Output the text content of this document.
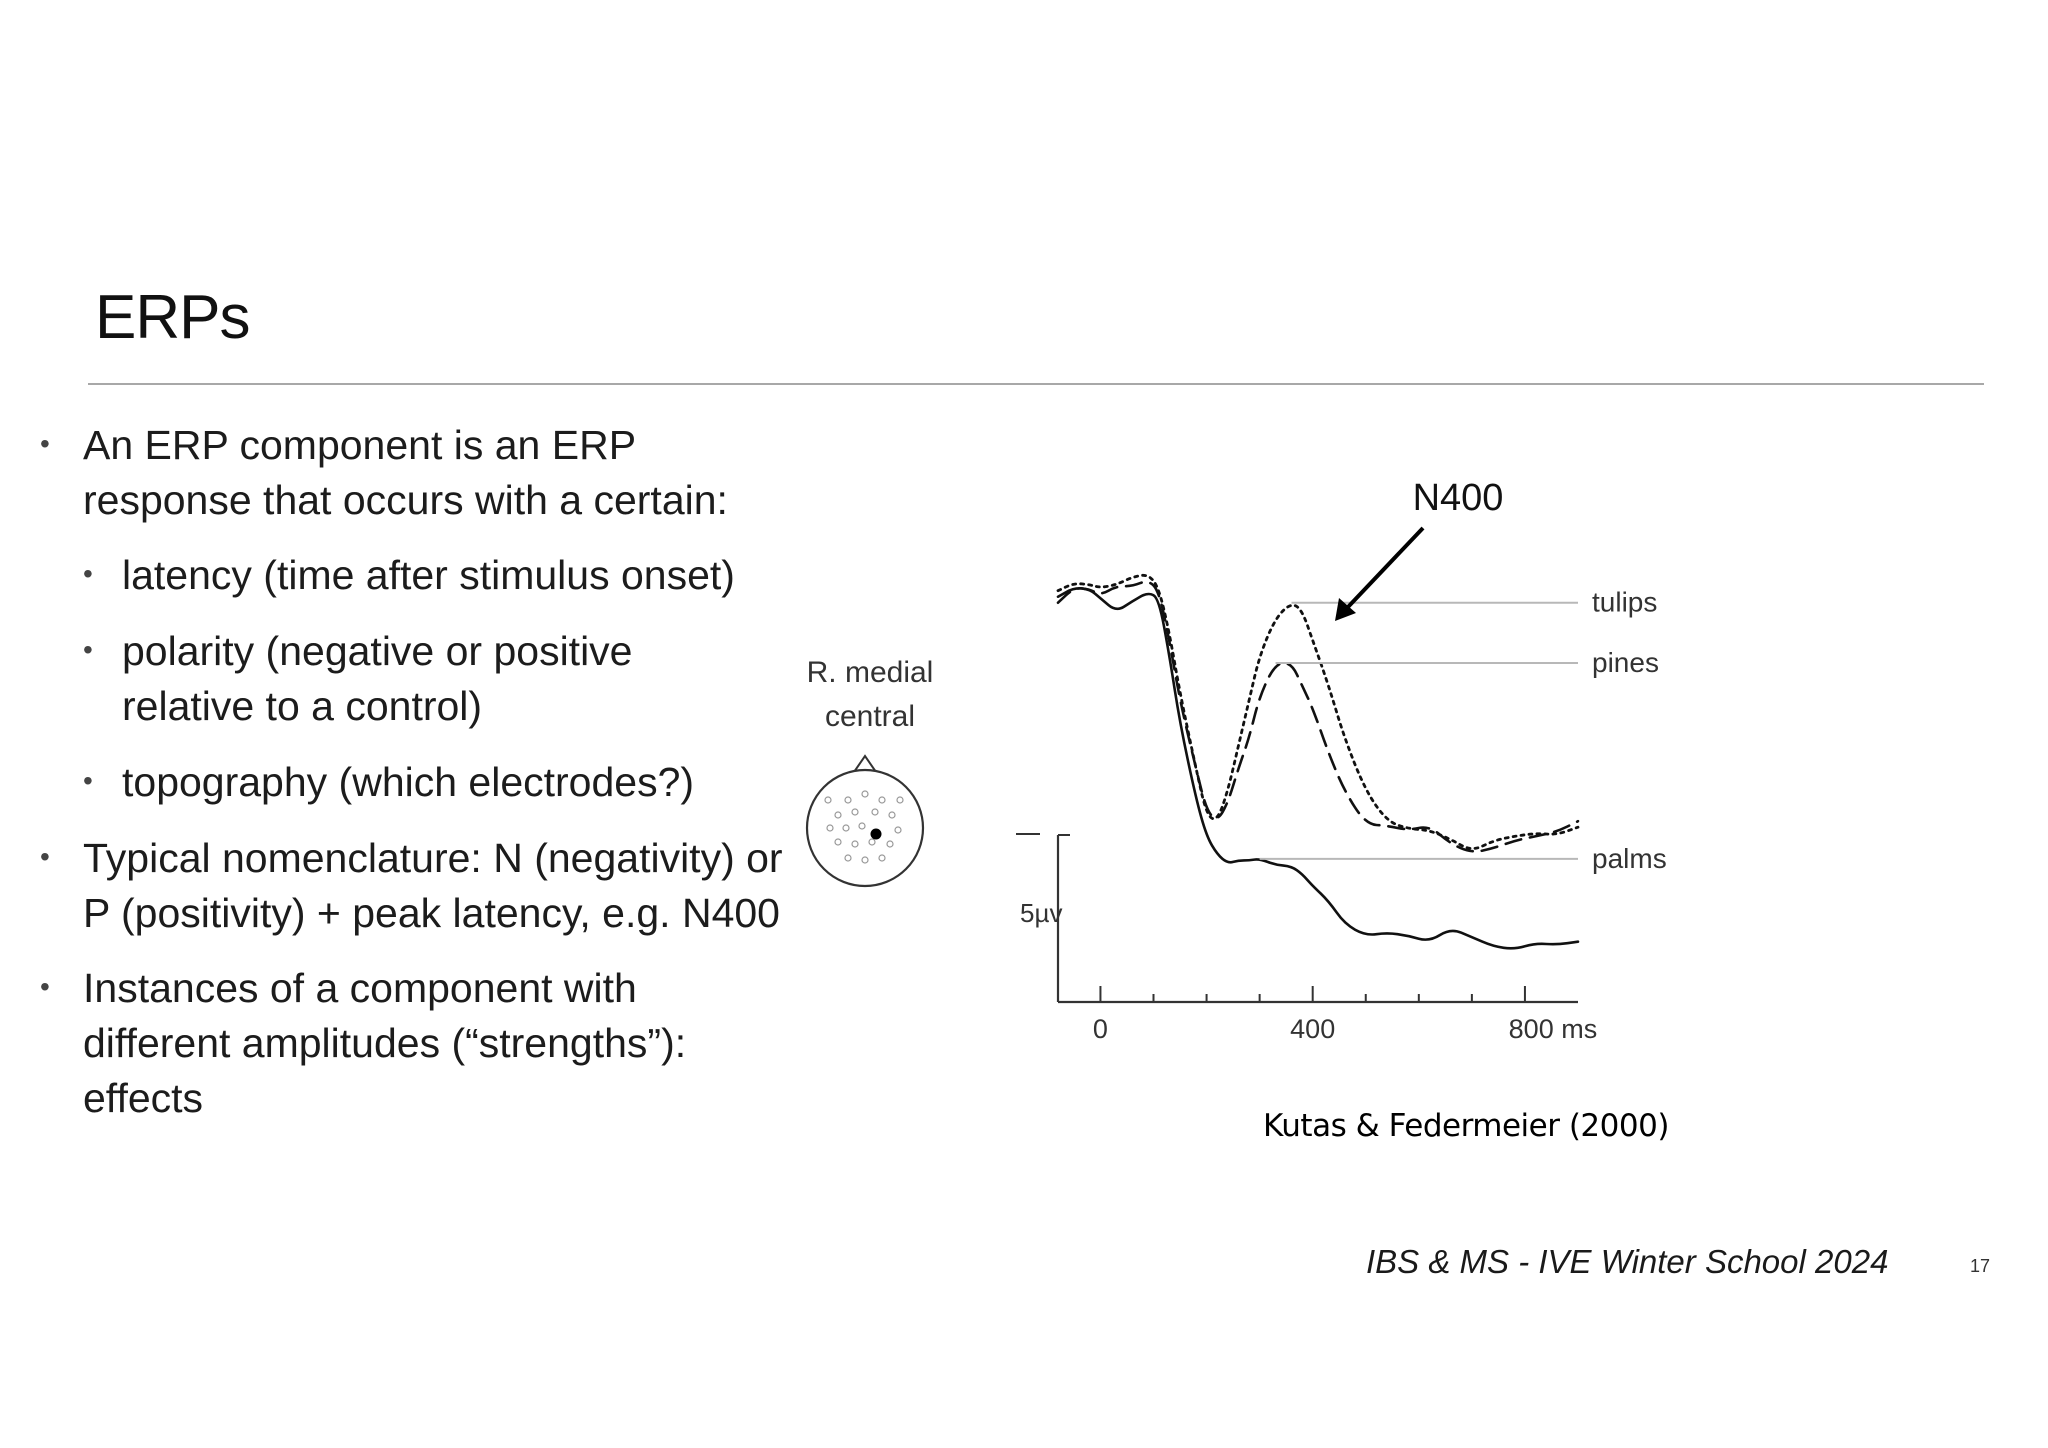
ERPs
• An ERP component is an ERP response that occurs with a certain:
• latency (time after stimulus onset)
• polarity (negative or positive relative to a control)
• topography (which electrodes?)
• Typical nomenclature: N (negativity) or P (positivity) + peak latency, e.g. N400
• Instances of a component with different amplitudes (“strengths”): effects
R. medial
central
5µv
0	400	800 ms
tulips
pines
palms
N400
Kutas & Federmeier (2000)
IBS & MS - IVE Winter School 2024	17
